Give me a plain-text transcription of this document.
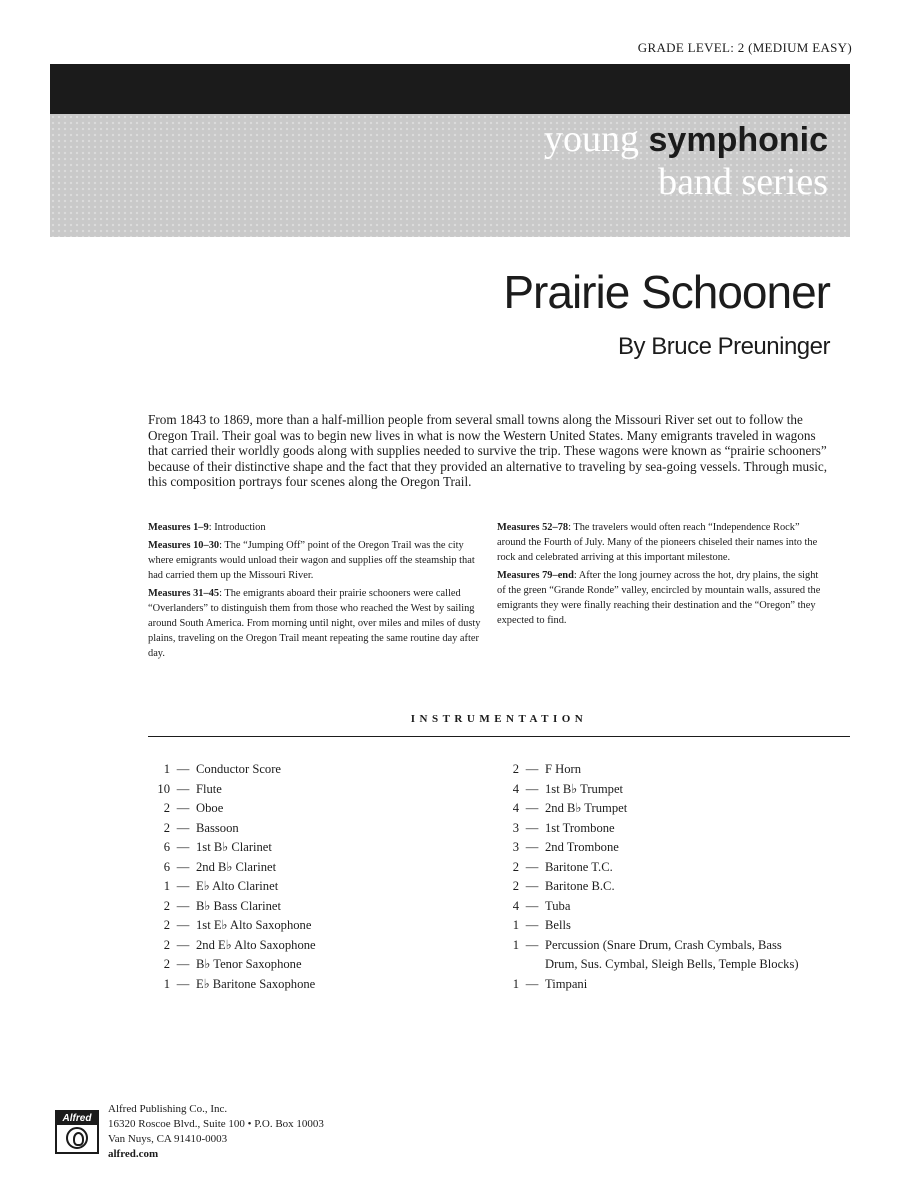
GRADE LEVEL: 2 (MEDIUM EASY)
young symphonic
band series
Prairie Schooner
By Bruce Preuninger
From 1843 to 1869, more than a half-million people from several small towns along the Missouri River set out to follow the Oregon Trail. Their goal was to begin new lives in what is now the Western United States. Many emigrants traveled in wagons that carried their worldly goods along with supplies needed to survive the trip. These wagons were known as “prairie schooners” because of their distinctive shape and the fact that they provided an alternative to traveling by sea-going vessels. Through music, this composition portrays four scenes along the Oregon Trail.

Measures 1–9: Introduction

Measures 10–30: The “Jumping Off” point of the Oregon Trail was the city where emigrants would unload their wagon and supplies off the steamship that had carried them up the Missouri River.

Measures 31–45: The emigrants aboard their prairie schooners were called “Overlanders” to distinguish them from those who reached the West by sailing around South America. From morning until night, over miles and miles of dusty plains, traveling on the Oregon Trail meant repeating the same routine day after day.

Measures 52–78: The travelers would often reach “Independence Rock” around the Fourth of July. Many of the pioneers chiseled their names into the rock and celebrated arriving at this important milestone.

Measures 79–end: After the long journey across the hot, dry plains, the sight of the green “Grande Ronde” valley, encircled by mountain walls, assured the emigrants they were finally reaching their destination and the “Oregon” they expected to find.

INSTRUMENTATION
1 — Conductor Score
10 — Flute
2 — Oboe
2 — Bassoon
6 — 1st B♭ Clarinet
6 — 2nd B♭ Clarinet
1 — E♭ Alto Clarinet
2 — B♭ Bass Clarinet
2 — 1st E♭ Alto Saxophone
2 — 2nd E♭ Alto Saxophone
2 — B♭ Tenor Saxophone
1 — E♭ Baritone Saxophone
2 — F Horn
4 — 1st B♭ Trumpet
4 — 2nd B♭ Trumpet
3 — 1st Trombone
3 — 2nd Trombone
2 — Baritone T.C.
2 — Baritone B.C.
4 — Tuba
1 — Bells
1 — Percussion (Snare Drum, Crash Cymbals, Bass Drum, Sus. Cymbal, Sleigh Bells, Temple Blocks)
1 — Timpani
Alfred
Alfred Publishing Co., Inc.
16320 Roscoe Blvd., Suite 100 • P.O. Box 10003
Van Nuys, CA 91410-0003
alfred.com
